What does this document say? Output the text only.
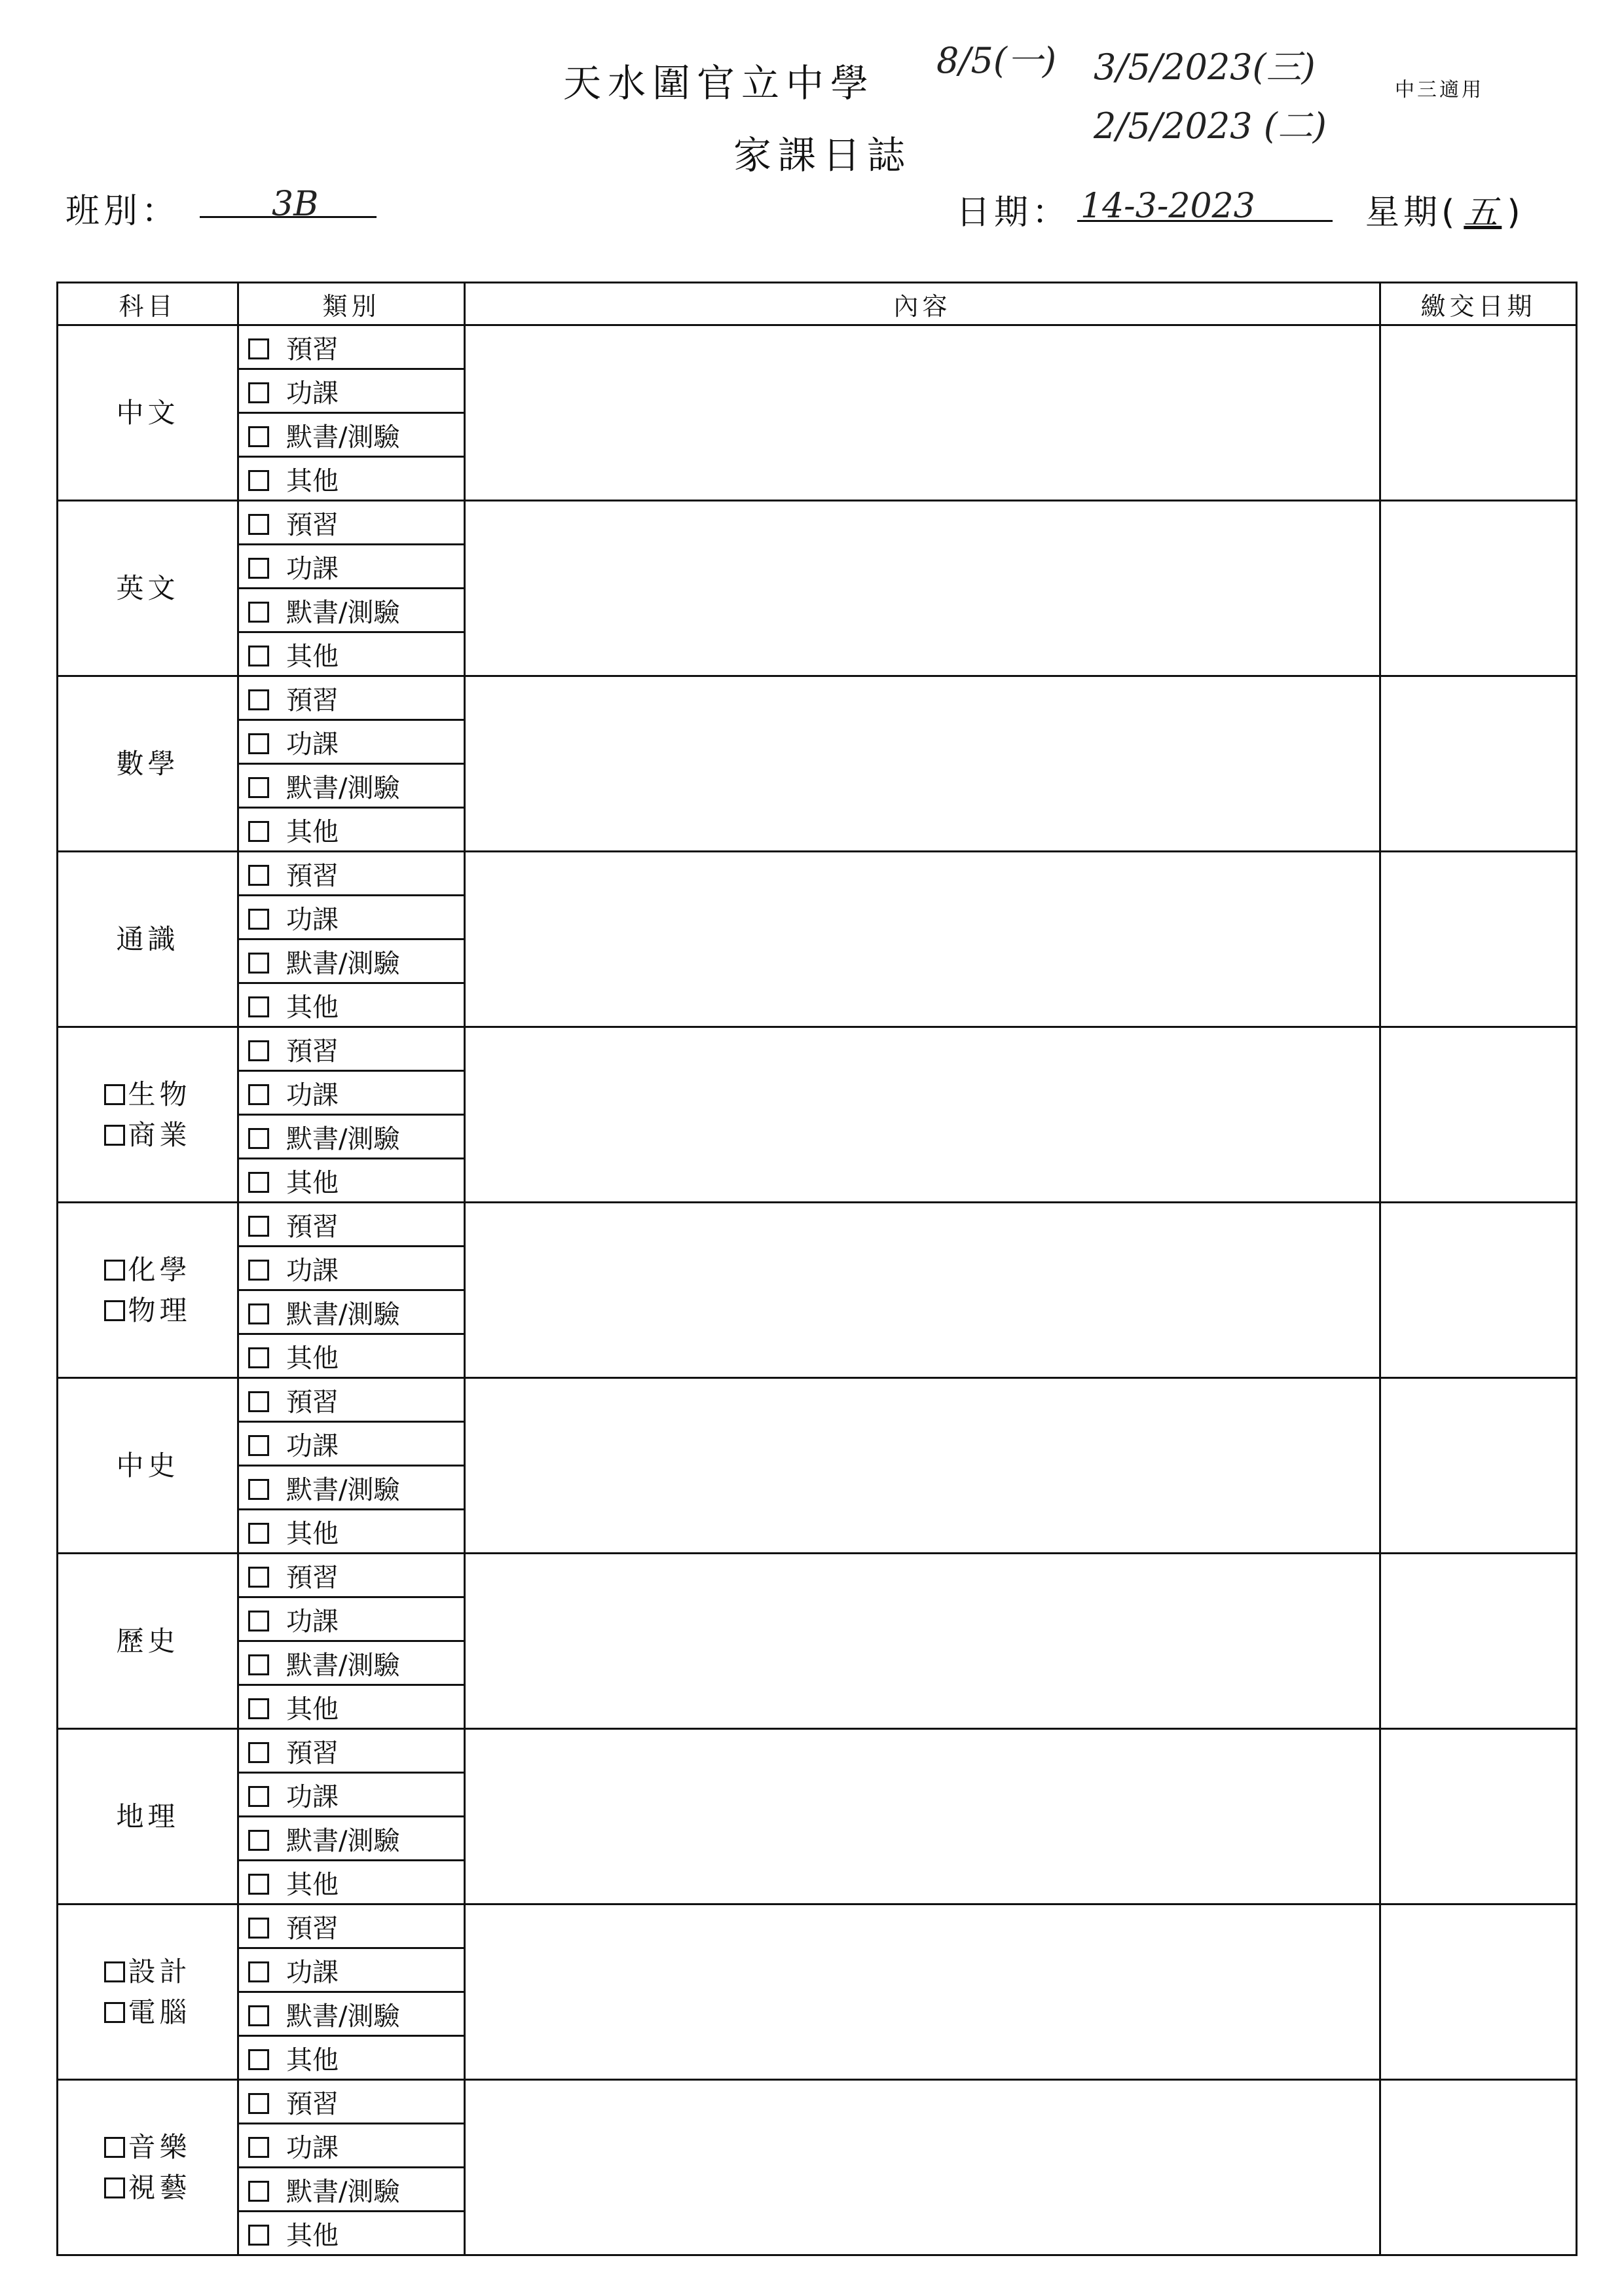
天水圍官立中學
家課日誌
中三適用
8/5(一) 3/5/2023(三)
2/5/2023 (二)
班別：	3B	日期： 14-3-2023	星期( 五 )
科目	類別	內容	繳交日期

中文	預習		
	功課		
	默書/測驗		
	其他		

英文	預習		
	功課		
	默書/測驗		
	其他		

數學	預習		
	功課		
	默書/測驗		
	其他		

通識	預習		
	功課		
	默書/測驗		
	其他		

生物
商業	預習		
	功課		
	默書/測驗		
	其他		

化學
物理	預習		
	功課		
	默書/測驗		
	其他		

中史	預習		
	功課		
	默書/測驗		
	其他		

歷史	預習		
	功課		
	默書/測驗		
	其他		

地理	預習		
	功課		
	默書/測驗		
	其他		

設計
電腦	預習		
	功課		
	默書/測驗		
	其他		

音樂
視藝	預習		
	功課		
	默書/測驗		
	其他		
